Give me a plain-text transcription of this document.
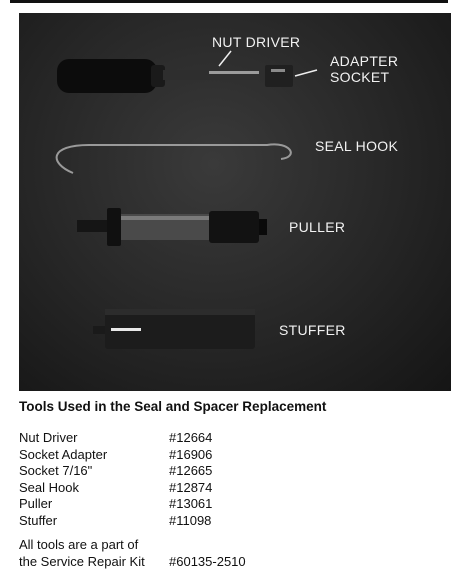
NUT DRIVER
ADAPTER
SOCKET
SEAL HOOK
PULLER
STUFFER
Tools Used in the Seal and Spacer Replacement
Nut Driver	#12664
Socket Adapter	#16906
Socket 7/16"	#12665
Seal Hook	#12874
Puller	#13061
Stuffer	#11098
All tools are a part of
the Service Repair Kit #60135-2510
